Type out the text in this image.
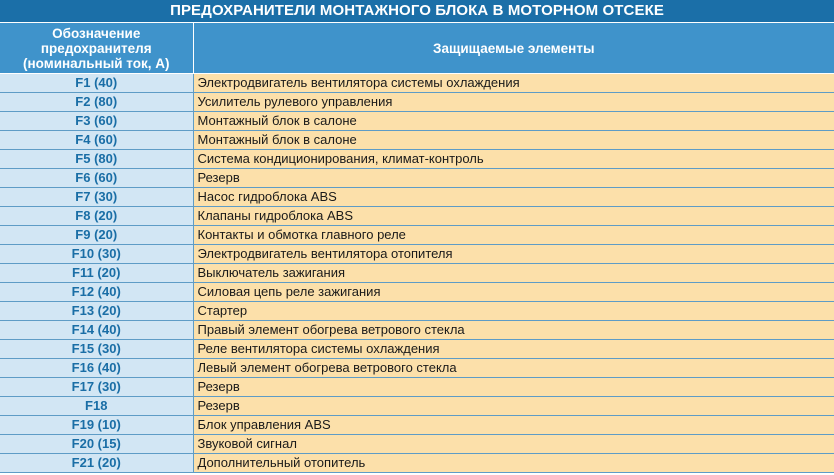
ПРЕДОХРАНИТЕЛИ МОНТАЖНОГО БЛОКА В МОТОРНОМ ОТСЕКЕ
Обозначение
предохранителя
(номинальный ток, А)	Защищаемые элементы
F1 (40)	Электродвигатель вентилятора системы охлаждения
F2 (80)	Усилитель рулевого управления
F3 (60)	Монтажный блок в салоне
F4 (60)	Монтажный блок в салоне
F5 (80)	Система кондиционирования, климат-контроль
F6 (60)	Резерв
F7 (30)	Насос гидроблока ABS
F8 (20)	Клапаны гидроблока ABS
F9 (20)	Контакты и обмотка главного реле
F10 (30)	Электродвигатель вентилятора отопителя
F11 (20)	Выключатель зажигания
F12 (40)	Силовая цепь реле зажигания
F13 (20)	Стартер
F14 (40)	Правый элемент обогрева ветрового стекла
F15 (30)	Реле вентилятора системы охлаждения
F16 (40)	Левый элемент обогрева ветрового стекла
F17 (30)	Резерв
F18	Резерв
F19 (10)	Блок управления ABS
F20 (15)	Звуковой сигнал
F21 (20)	Дополнительный отопитель
